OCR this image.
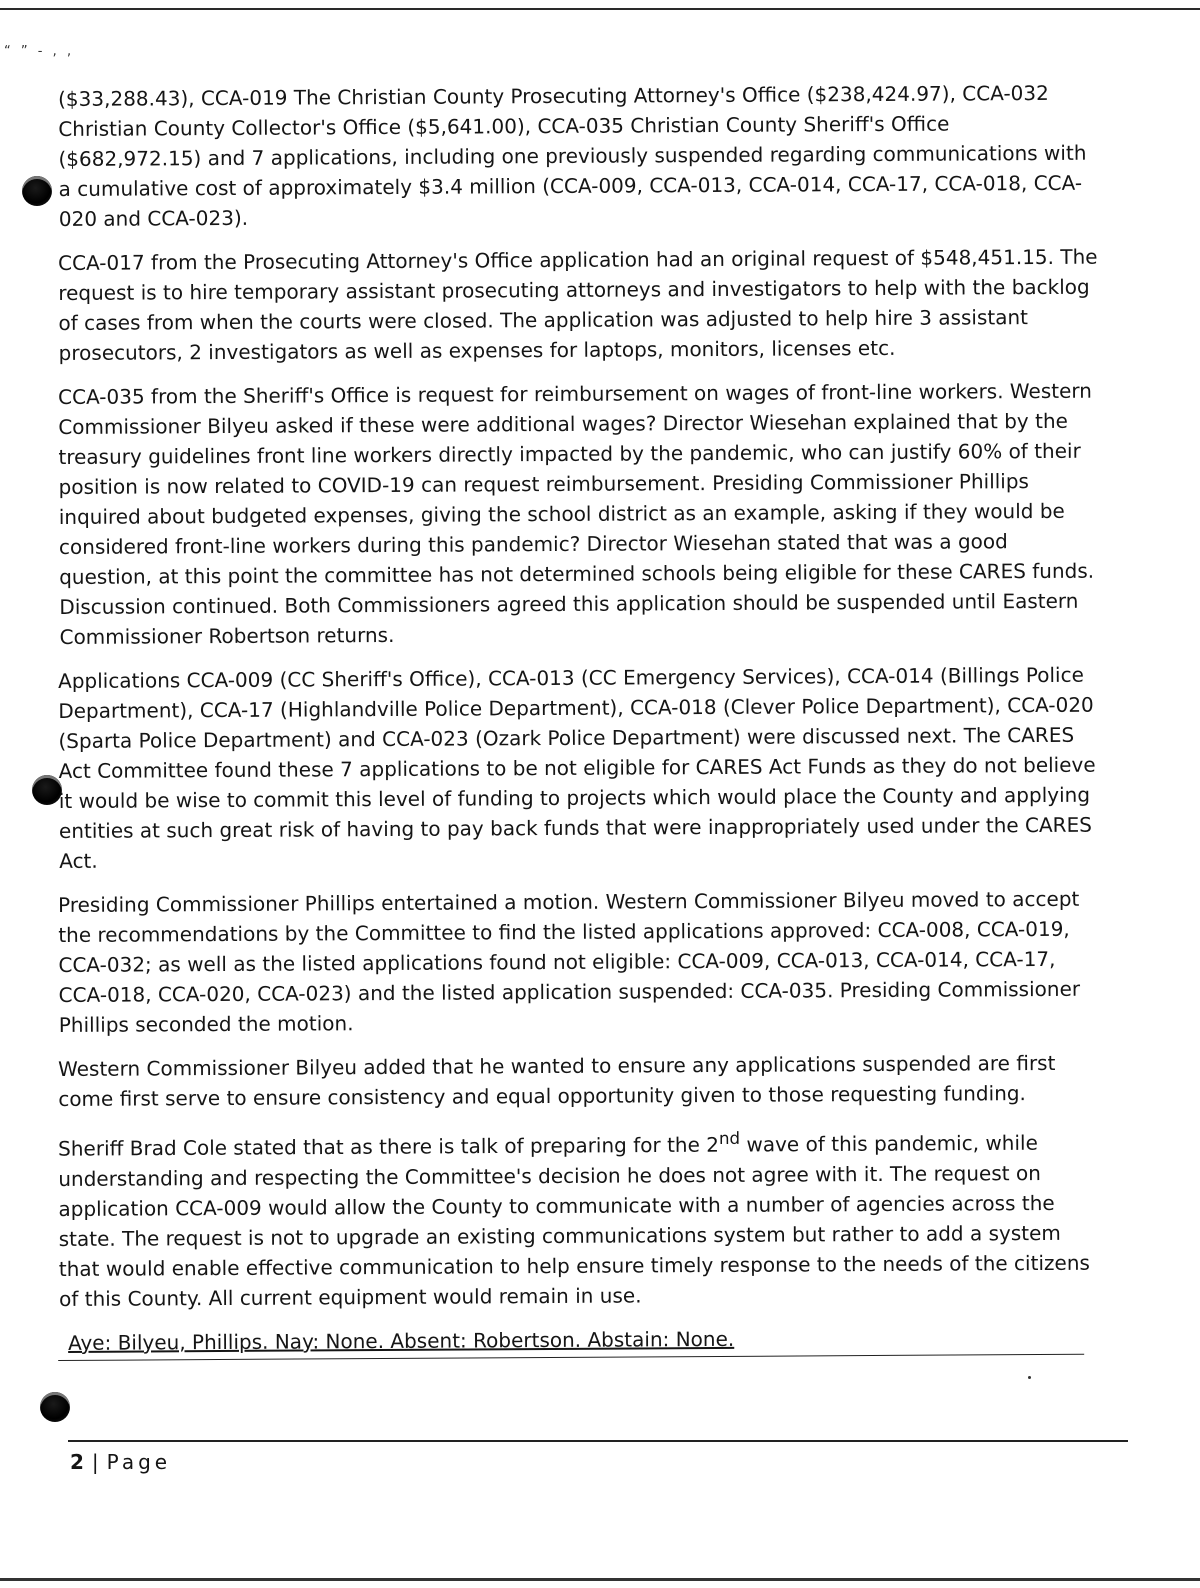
“ ” - ‚ ‚

($33,288.43), CCA-019 The Christian County Prosecuting Attorney's Office ($238,424.97), CCA-032 Christian County Collector's Office ($5,641.00), CCA-035 Christian County Sheriff's Office ($682,972.15) and 7 applications, including one previously suspended regarding communications with a cumulative cost of approximately $3.4 million (CCA-009, CCA-013, CCA-014, CCA-17, CCA-018, CCA-020 and CCA-023).

CCA-017 from the Prosecuting Attorney's Office application had an original request of $548,451.15. The request is to hire temporary assistant prosecuting attorneys and investigators to help with the backlog of cases from when the courts were closed. The application was adjusted to help hire 3 assistant prosecutors, 2 investigators as well as expenses for laptops, monitors, licenses etc.

CCA-035 from the Sheriff's Office is request for reimbursement on wages of front-line workers. Western Commissioner Bilyeu asked if these were additional wages? Director Wiesehan explained that by the treasury guidelines front line workers directly impacted by the pandemic, who can justify 60% of their position is now related to COVID-19 can request reimbursement. Presiding Commissioner Phillips inquired about budgeted expenses, giving the school district as an example, asking if they would be considered front-line workers during this pandemic? Director Wiesehan stated that was a good question, at this point the committee has not determined schools being eligible for these CARES funds. Discussion continued. Both Commissioners agreed this application should be suspended until Eastern Commissioner Robertson returns.

Applications CCA-009 (CC Sheriff's Office), CCA-013 (CC Emergency Services), CCA-014 (Billings Police Department), CCA-17 (Highlandville Police Department), CCA-018 (Clever Police Department), CCA-020 (Sparta Police Department) and CCA-023 (Ozark Police Department) were discussed next. The CARES Act Committee found these 7 applications to be not eligible for CARES Act Funds as they do not believe it would be wise to commit this level of funding to projects which would place the County and applying entities at such great risk of having to pay back funds that were inappropriately used under the CARES Act.

Presiding Commissioner Phillips entertained a motion. Western Commissioner Bilyeu moved to accept the recommendations by the Committee to find the listed applications approved: CCA-008, CCA-019, CCA-032; as well as the listed applications found not eligible: CCA-009, CCA-013, CCA-014, CCA-17, CCA-018, CCA-020, CCA-023) and the listed application suspended: CCA-035. Presiding Commissioner Phillips seconded the motion.

Western Commissioner Bilyeu added that he wanted to ensure any applications suspended are first come first serve to ensure consistency and equal opportunity given to those requesting funding.

Sheriff Brad Cole stated that as there is talk of preparing for the 2nd wave of this pandemic, while understanding and respecting the Committee's decision he does not agree with it. The request on application CCA-009 would allow the County to communicate with a number of agencies across the state. The request is not to upgrade an existing communications system but rather to add a system that would enable effective communication to help ensure timely response to the needs of the citizens of this County. All current equipment would remain in use.

Aye: Bilyeu, Phillips. Nay: None. Absent: Robertson. Abstain: None.
2 | Page
